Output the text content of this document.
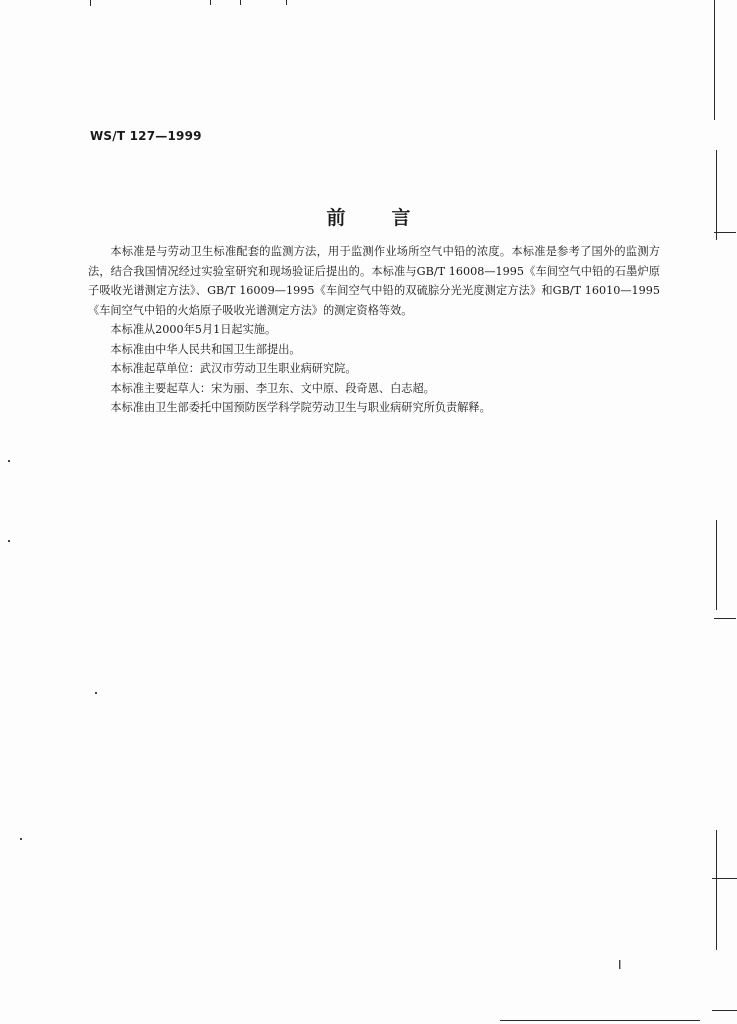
WS/T 127—1999
前言

本标准是与劳动卫生标准配套的监测方法，用于监测作业场所空气中铅的浓度。本标准是参考了国外的监测方法，结合我国情况经过实验室研究和现场验证后提出的。本标准与GB/T 16008—1995《车间空气中铅的石墨炉原子吸收光谱测定方法》、GB/T 16009—1995《车间空气中铅的双硫腙分光光度测定方法》和GB/T 16010—1995《车间空气中铅的火焰原子吸收光谱测定方法》的测定资格等效。

本标准从2000年5月1日起实施。

本标准由中华人民共和国卫生部提出。

本标准起草单位：武汉市劳动卫生职业病研究院。

本标准主要起草人：宋为丽、李卫东、文中原、段奇恩、白志超。

本标准由卫生部委托中国预防医学科学院劳动卫生与职业病研究所负责解释。

I
